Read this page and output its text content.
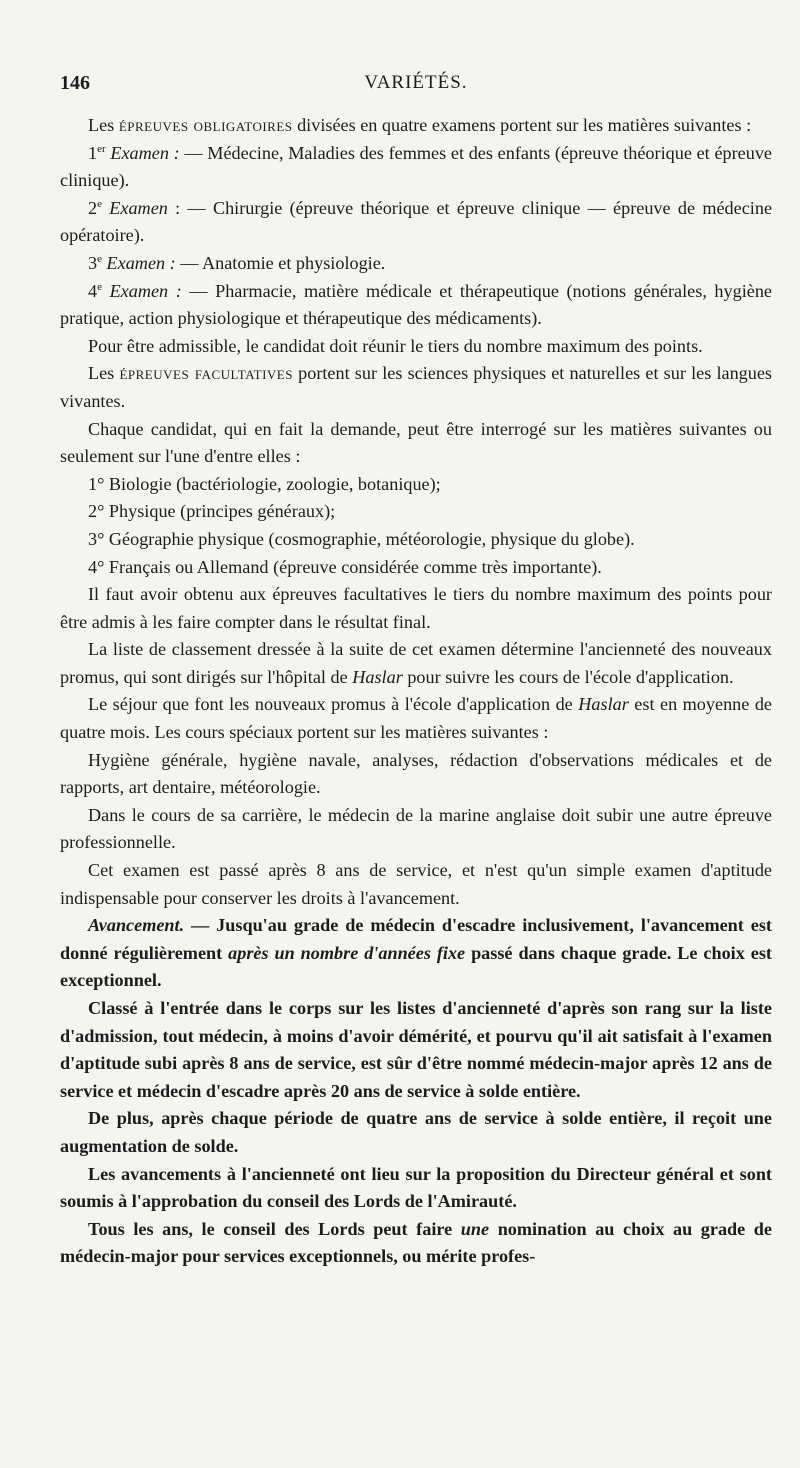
146	VARIÉTÉS.

Les épreuves obligatoires divisées en quatre examens portent sur les matières suivantes :

1er Examen : — Médecine, Maladies des femmes et des enfants (épreuve théorique et épreuve clinique).

2e Examen : — Chirurgie (épreuve théorique et épreuve clinique — épreuve de médecine opératoire).

3e Examen : — Anatomie et physiologie.

4e Examen : — Pharmacie, matière médicale et thérapeutique (notions générales, hygiène pratique, action physiologique et thérapeutique des médicaments).

Pour être admissible, le candidat doit réunir le tiers du nombre maximum des points.

Les épreuves facultatives portent sur les sciences physiques et naturelles et sur les langues vivantes.

Chaque candidat, qui en fait la demande, peut être interrogé sur les matières suivantes ou seulement sur l'une d'entre elles :

1° Biologie (bactériologie, zoologie, botanique);

2° Physique (principes généraux);

3° Géographie physique (cosmographie, météorologie, physique du globe).

4° Français ou Allemand (épreuve considérée comme très importante).

Il faut avoir obtenu aux épreuves facultatives le tiers du nombre maximum des points pour être admis à les faire compter dans le résultat final.

La liste de classement dressée à la suite de cet examen détermine l'ancienneté des nouveaux promus, qui sont dirigés sur l'hôpital de Haslar pour suivre les cours de l'école d'application.

Le séjour que font les nouveaux promus à l'école d'application de Haslar est en moyenne de quatre mois. Les cours spéciaux portent sur les matières suivantes :

Hygiène générale, hygiène navale, analyses, rédaction d'observations médicales et de rapports, art dentaire, météorologie.

Dans le cours de sa carrière, le médecin de la marine anglaise doit subir une autre épreuve professionnelle.

Cet examen est passé après 8 ans de service, et n'est qu'un simple examen d'aptitude indispensable pour conserver les droits à l'avancement.

Avancement. — Jusqu'au grade de médecin d'escadre inclusivement, l'avancement est donné régulièrement après un nombre d'années fixe passé dans chaque grade. Le choix est exceptionnel.

Classé à l'entrée dans le corps sur les listes d'ancienneté d'après son rang sur la liste d'admission, tout médecin, à moins d'avoir démérité, et pourvu qu'il ait satisfait à l'examen d'aptitude subi après 8 ans de service, est sûr d'être nommé médecin-major après 12 ans de service et médecin d'escadre après 20 ans de service à solde entière.

De plus, après chaque période de quatre ans de service à solde entière, il reçoit une augmentation de solde.

Les avancements à l'ancienneté ont lieu sur la proposition du Directeur général et sont soumis à l'approbation du conseil des Lords de l'Amirauté.

Tous les ans, le conseil des Lords peut faire une nomination au choix au grade de médecin-major pour services exceptionnels, ou mérite profes-
